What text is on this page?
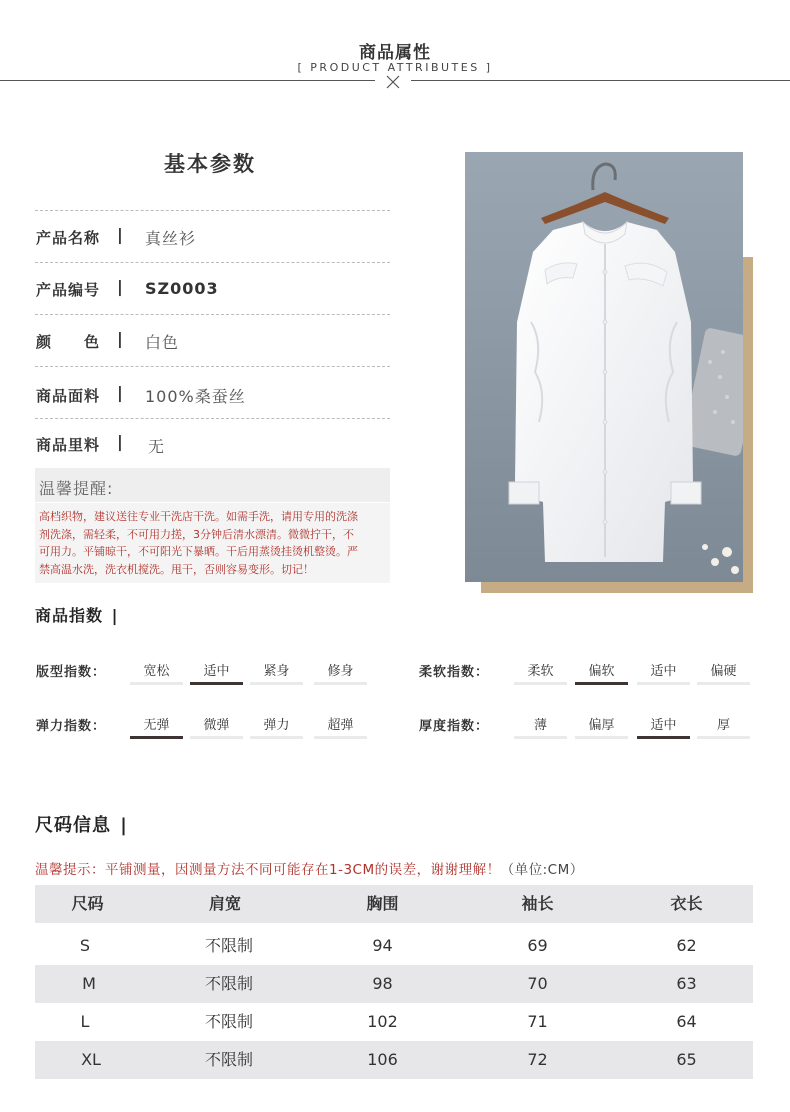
商品属性
[ PRODUCT ATTRIBUTES ]
基本参数
产品名称 | 真丝衫
产品编号 | SZ0003
颜　　色 | 白色
商品面料 | 100%桑蚕丝
商品里料 | 无
温馨提醒:
高档织物，建议送往专业干洗店干洗。如需手洗，请用专用的洗涤
剂洗涤，需轻柔，不可用力搓，3分钟后清水漂清。微微拧干，不
可用力。平铺晾干，不可阳光下暴晒。干后用蒸烫挂烫机整烫。严
禁高温水洗，洗衣机搅洗。甩干，否则容易变形。切记！
商品指数 |
版型指数：	宽松	适中	紧身	修身	柔软指数：	柔软	偏软	适中	偏硬
弹力指数：	无弹	微弹	弹力	超弹	厚度指数：	薄	偏厚	适中	厚
尺码信息 |
温馨提示：平铺测量，因测量方法不同可能存在1-3CM的误差，谢谢理解！（单位:CM）
尺码	肩宽	胸围	袖长	衣长
S	不限制	94	69	62
M	不限制	98	70	63
L	不限制	102	71	64
XL	不限制	106	72	65
